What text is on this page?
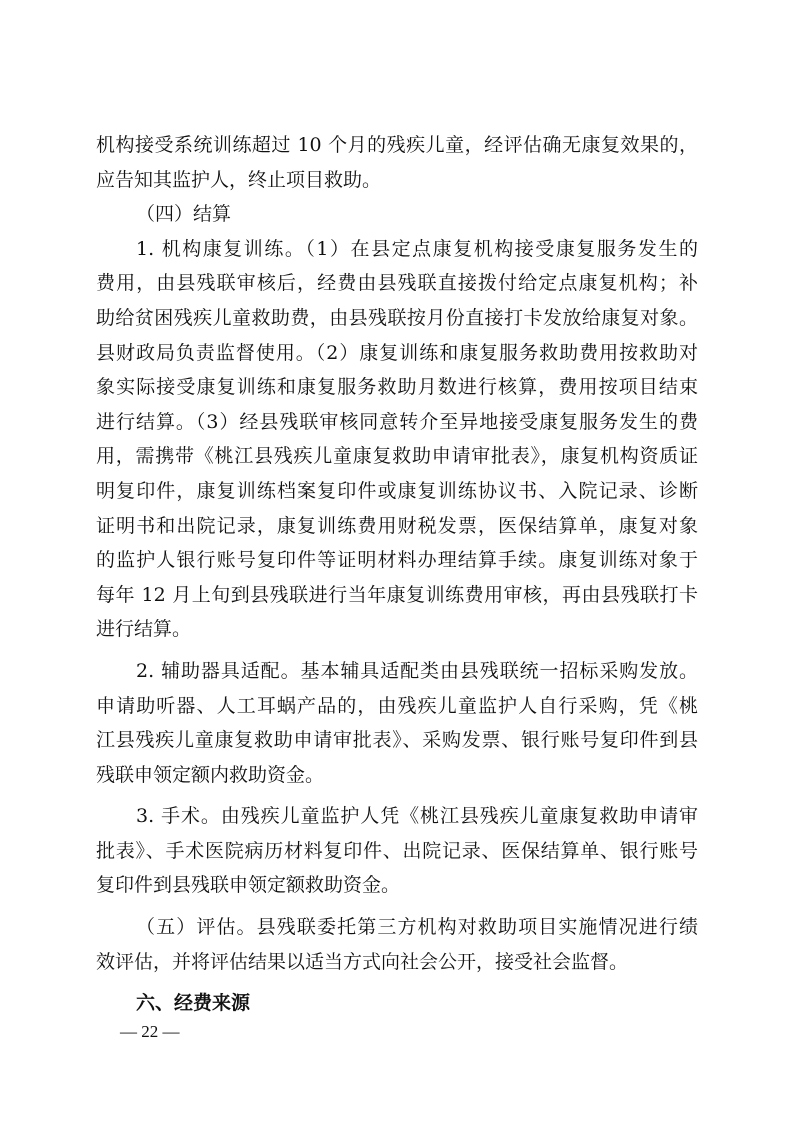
机构接受系统训练超过 10 个月的残疾儿童，经评估确无康复效果的，
应告知其监护人，终止项目救助。
（四）结算
1. 机构康复训练。（1）在县定点康复机构接受康复服务发生的
费用，由县残联审核后，经费由县残联直接拨付给定点康复机构；补
助给贫困残疾儿童救助费，由县残联按月份直接打卡发放给康复对象。
县财政局负责监督使用。（2）康复训练和康复服务救助费用按救助对
象实际接受康复训练和康复服务救助月数进行核算，费用按项目结束
进行结算。（3）经县残联审核同意转介至异地接受康复服务发生的费
用，需携带《桃江县残疾儿童康复救助申请审批表》，康复机构资质证
明复印件，康复训练档案复印件或康复训练协议书、入院记录、诊断
证明书和出院记录，康复训练费用财税发票，医保结算单，康复对象
的监护人银行账号复印件等证明材料办理结算手续。康复训练对象于
每年 12 月上旬到县残联进行当年康复训练费用审核，再由县残联打卡
进行结算。
2. 辅助器具适配。基本辅具适配类由县残联统一招标采购发放。
申请助听器、人工耳蜗产品的，由残疾儿童监护人自行采购，凭《桃
江县残疾儿童康复救助申请审批表》、采购发票、银行账号复印件到县
残联申领定额内救助资金。
3. 手术。由残疾儿童监护人凭《桃江县残疾儿童康复救助申请审
批表》、手术医院病历材料复印件、出院记录、医保结算单、银行账号
复印件到县残联申领定额救助资金。
（五）评估。县残联委托第三方机构对救助项目实施情况进行绩
效评估，并将评估结果以适当方式向社会公开，接受社会监督。
六、经费来源
— 22 —
